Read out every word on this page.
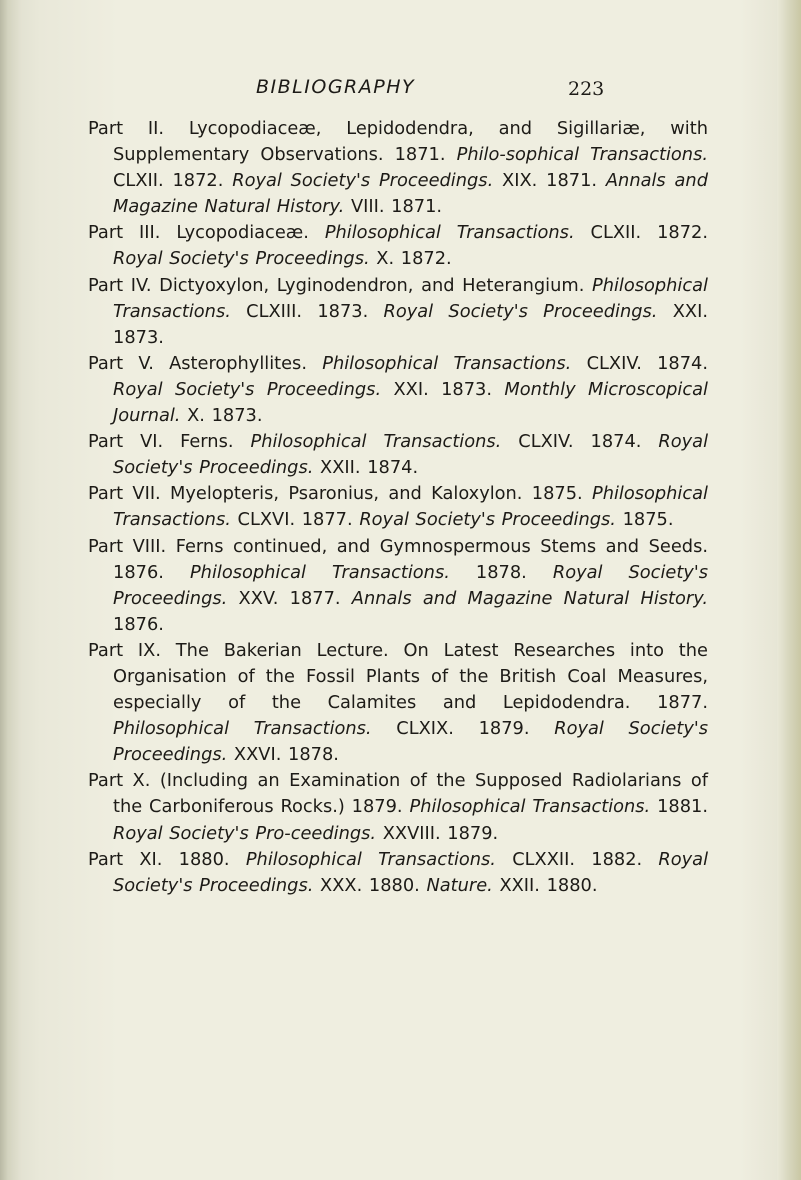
BIBLIOGRAPHY	223
Part II. Lycopodiaceæ, Lepidodendra, and Sigillariæ, with Supplementary Observations. 1871. Philo-sophical Transactions. CLXII. 1872. Royal Society's Proceedings. XIX. 1871. Annals and Magazine Natural History. VIII. 1871.
Part III. Lycopodiaceæ. Philosophical Transactions. CLXII. 1872. Royal Society's Proceedings. X. 1872.
Part IV. Dictyoxylon, Lyginodendron, and Heterangium. Philosophical Transactions. CLXIII. 1873. Royal Society's Proceedings. XXI. 1873.
Part V. Asterophyllites. Philosophical Transactions. CLXIV. 1874. Royal Society's Proceedings. XXI. 1873. Monthly Microscopical Journal. X. 1873.
Part VI. Ferns. Philosophical Transactions. CLXIV. 1874. Royal Society's Proceedings. XXII. 1874.
Part VII. Myelopteris, Psaronius, and Kaloxylon. 1875. Philosophical Transactions. CLXVI. 1877. Royal Society's Proceedings. 1875.
Part VIII. Ferns continued, and Gymnospermous Stems and Seeds. 1876. Philosophical Transactions. 1878. Royal Society's Proceedings. XXV. 1877. Annals and Magazine Natural History. 1876.
Part IX. The Bakerian Lecture. On Latest Researches into the Organisation of the Fossil Plants of the British Coal Measures, especially of the Calamites and Lepidodendra. 1877. Philosophical Transactions. CLXIX. 1879. Royal Society's Proceedings. XXVI. 1878.
Part X. (Including an Examination of the Supposed Radiolarians of the Carboniferous Rocks.) 1879. Philosophical Transactions. 1881. Royal Society's Pro-ceedings. XXVIII. 1879.
Part XI. 1880. Philosophical Transactions. CLXXII. 1882. Royal Society's Proceedings. XXX. 1880. Nature. XXII. 1880.
